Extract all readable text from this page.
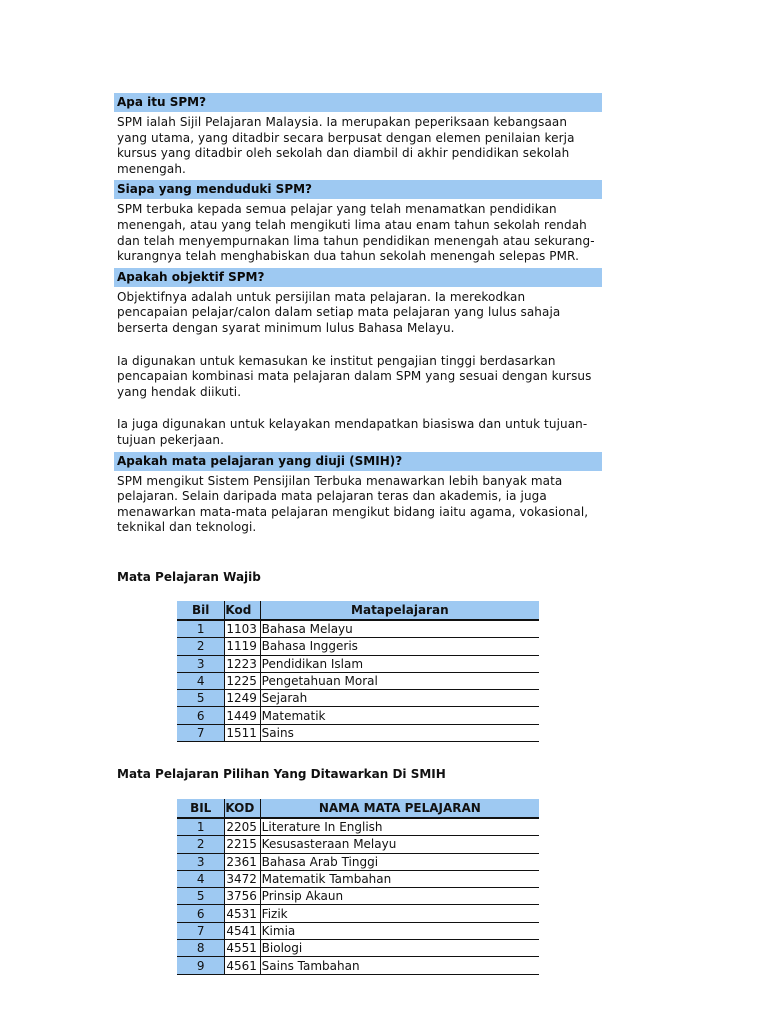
Apa itu SPM?

SPM ialah Sijil Pelajaran Malaysia. Ia merupakan peperiksaan kebangsaan yang utama, yang ditadbir secara berpusat dengan elemen penilaian kerja kursus yang ditadbir oleh sekolah dan diambil di akhir pendidikan sekolah menengah.

Siapa yang menduduki SPM?

SPM terbuka kepada semua pelajar yang telah menamatkan pendidikan menengah, atau yang telah mengikuti lima atau enam tahun sekolah rendah dan telah menyempurnakan lima tahun pendidikan menengah atau sekurang-kurangnya telah menghabiskan dua tahun sekolah menengah selepas PMR.

Apakah objektif SPM?

Objektifnya adalah untuk persijilan mata pelajaran. Ia merekodkan pencapaian pelajar/calon dalam setiap mata pelajaran yang lulus sahaja berserta dengan syarat minimum lulus Bahasa Melayu.

Ia digunakan untuk kemasukan ke institut pengajian tinggi berdasarkan pencapaian kombinasi mata pelajaran dalam SPM yang sesuai dengan kursus yang hendak diikuti.

Ia juga digunakan untuk kelayakan mendapatkan biasiswa dan untuk tujuan-tujuan pekerjaan.

Apakah mata pelajaran yang diuji (SMIH)?

SPM mengikut Sistem Pensijilan Terbuka menawarkan lebih banyak mata pelajaran. Selain daripada mata pelajaran teras dan akademis, ia juga menawarkan mata-mata pelajaran mengikut bidang iaitu agama, vokasional, teknikal dan teknologi.

Mata Pelajaran Wajib
Bil	Kod	Matapelajaran
1	1103	Bahasa Melayu
2	1119	Bahasa Inggeris
3	1223	Pendidikan Islam
4	1225	Pengetahuan Moral
5	1249	Sejarah
6	1449	Matematik
7	1511	Sains
Mata Pelajaran Pilihan Yang Ditawarkan Di SMIH
BIL	KOD	NAMA MATA PELAJARAN
1	2205	Literature In English
2	2215	Kesusasteraan Melayu
3	2361	Bahasa Arab Tinggi
4	3472	Matematik Tambahan
5	3756	Prinsip Akaun
6	4531	Fizik
7	4541	Kimia
8	4551	Biologi
9	4561	Sains Tambahan
